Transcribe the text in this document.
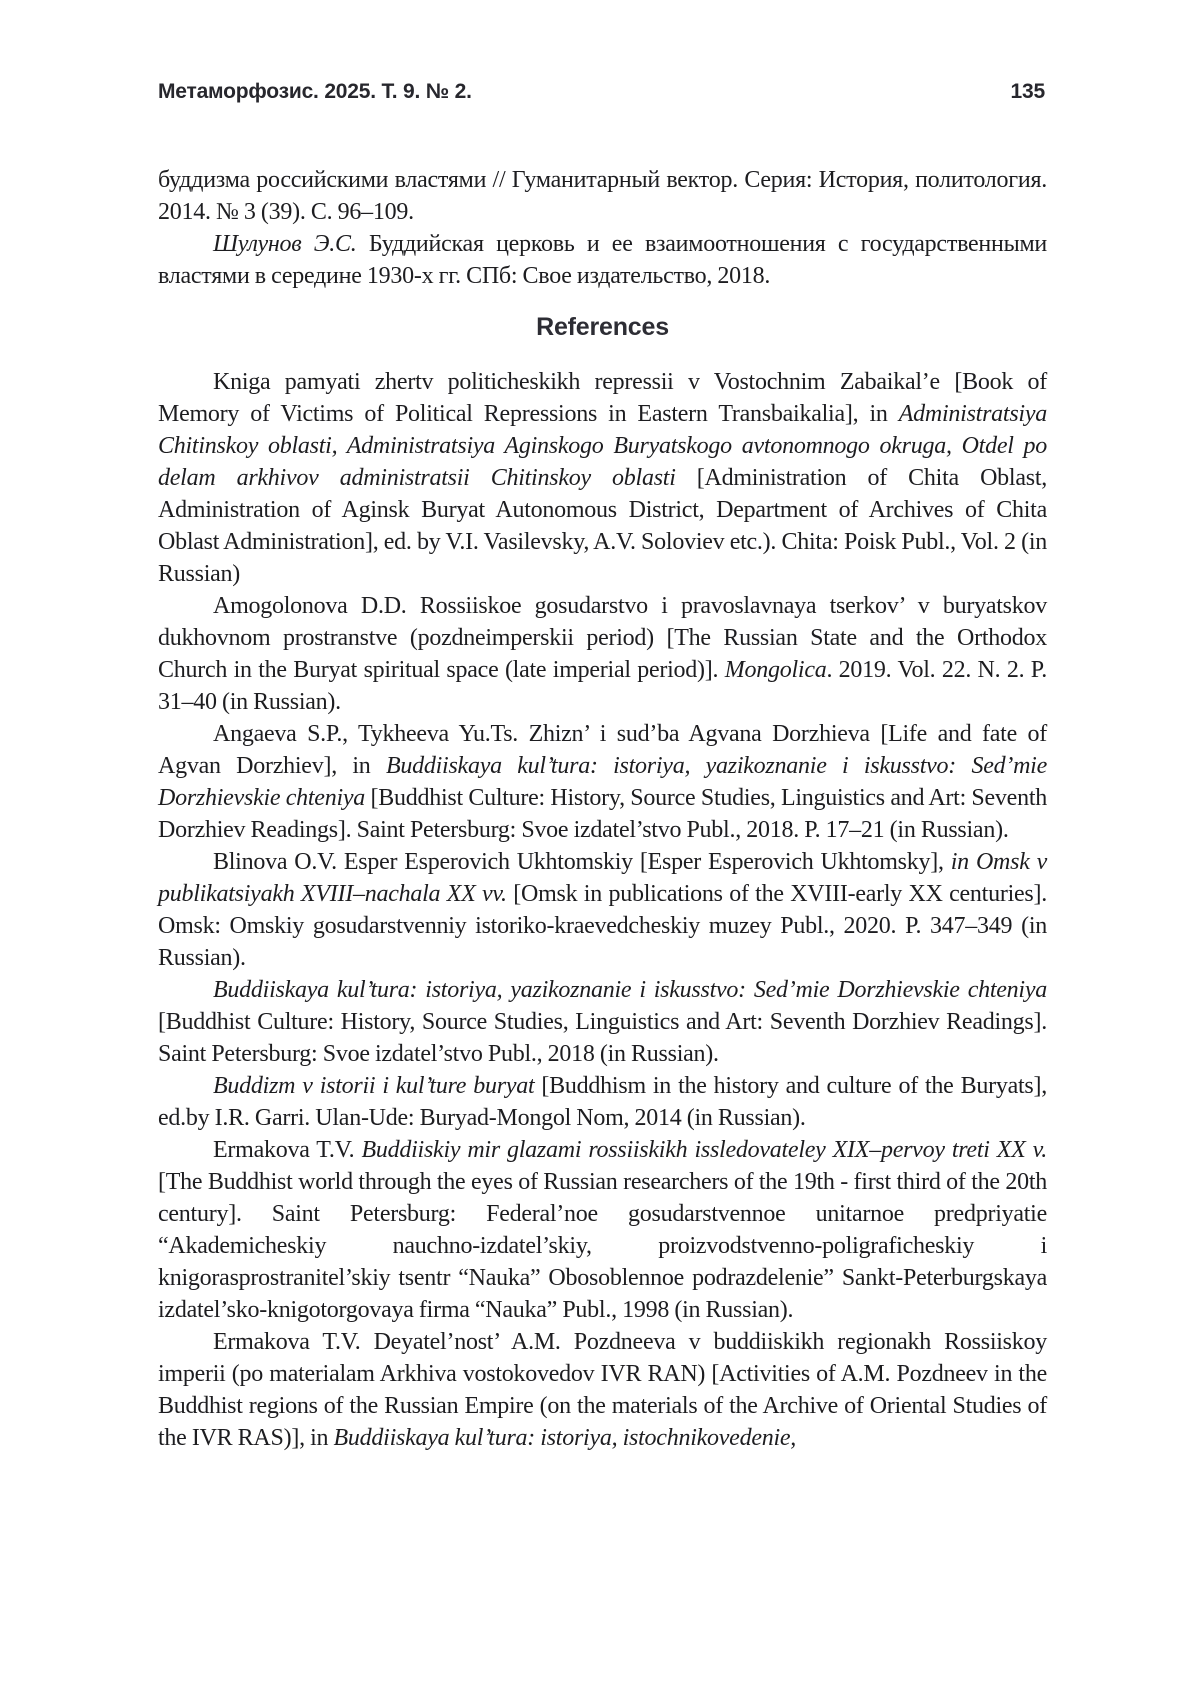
Метаморфозис. 2025. Т. 9. № 2.	135

буддизма российскими властями // Гуманитарный вектор. Серия: История, политология. 2014. № 3 (39). С. 96–109.

Шулунов Э.С. Буддийская церковь и ее взаимоотношения с государственными властями в середине 1930-х гг. СПб: Свое издательство, 2018.

References

Kniga pamyati zhertv politicheskikh repressii v Vostochnim Zabaikal’e [Book of Memory of Victims of Political Repressions in Eastern Transbaikalia], in Administratsiya Chitinskoy oblasti, Administratsiya Aginskogo Buryatskogo avtonomnogo okruga, Otdel po delam arkhivov administratsii Chitinskoy oblasti [Administration of Chita Oblast, Administration of Aginsk Buryat Autonomous District, Department of Archives of Chita Oblast Administration], ed. by V.I. Vasilevsky, A.V. Soloviev etc.). Chita: Poisk Publ., Vol. 2 (in Russian)

Amogolonova D.D. Rossiiskoe gosudarstvo i pravoslavnaya tserkov’ v buryatskov dukhovnom prostranstve (pozdneimperskii period) [The Russian State and the Orthodox Church in the Buryat spiritual space (late imperial period)]. Mongolica. 2019. Vol. 22. N. 2. P. 31–40 (in Russian).

Angaeva S.P., Tykheeva Yu.Ts. Zhizn’ i sud’ba Agvana Dorzhieva [Life and fate of Agvan Dorzhiev], in Buddiiskaya kul’tura: istoriya, yazikoznanie i iskusstvo: Sed’mie Dorzhievskie chteniya [Buddhist Culture: History, Source Studies, Linguistics and Art: Seventh Dorzhiev Readings]. Saint Petersburg: Svoe izdatel’stvo Publ., 2018. P. 17–21 (in Russian).

Blinova O.V. Esper Esperovich Ukhtomskiy [Esper Esperovich Ukhtomsky], in Omsk v publikatsiyakh XVIII–nachala XX vv. [Omsk in publications of the XVIII-early XX centuries]. Omsk: Omskiy gosudarstvenniy istoriko-kraevedcheskiy muzey Publ., 2020. P. 347–349 (in Russian).

Buddiiskaya kul’tura: istoriya, yazikoznanie i iskusstvo: Sed’mie Dorzhievskie chteniya [Buddhist Culture: History, Source Studies, Linguistics and Art: Seventh Dorzhiev Readings]. Saint Petersburg: Svoe izdatel’stvo Publ., 2018 (in Russian).

Buddizm v istorii i kul’ture buryat [Buddhism in the history and culture of the Buryats], ed.by I.R. Garri. Ulan-Ude: Buryad-Mongol Nom, 2014 (in Russian).

Ermakova T.V. Buddiiskiy mir glazami rossiiskikh issledovateley XIX–pervoy treti XX v. [The Buddhist world through the eyes of Russian researchers of the 19th - first third of the 20th century]. Saint Petersburg: Federal’noe gosudarstvennoe unitarnoe predpriyatie “Akademicheskiy nauchno-izdatel’skiy, proizvodstvenno-poligraficheskiy i knigorasprostranitel’skiy tsentr “Nauka” Obosoblennoe podrazdelenie” Sankt-Peterburgskaya izdatel’sko-knigotorgovaya firma “Nauka” Publ., 1998 (in Russian).

Ermakova T.V. Deyatel’nost’ A.M. Pozdneeva v buddiiskikh regionakh Rossiiskoy imperii (po materialam Arkhiva vostokovedov IVR RAN) [Activities of A.M. Pozdneev in the Buddhist regions of the Russian Empire (on the materials of the Archive of Oriental Studies of the IVR RAS)], in Buddiiskaya kul’tura: istoriya, istochnikovedenie,
